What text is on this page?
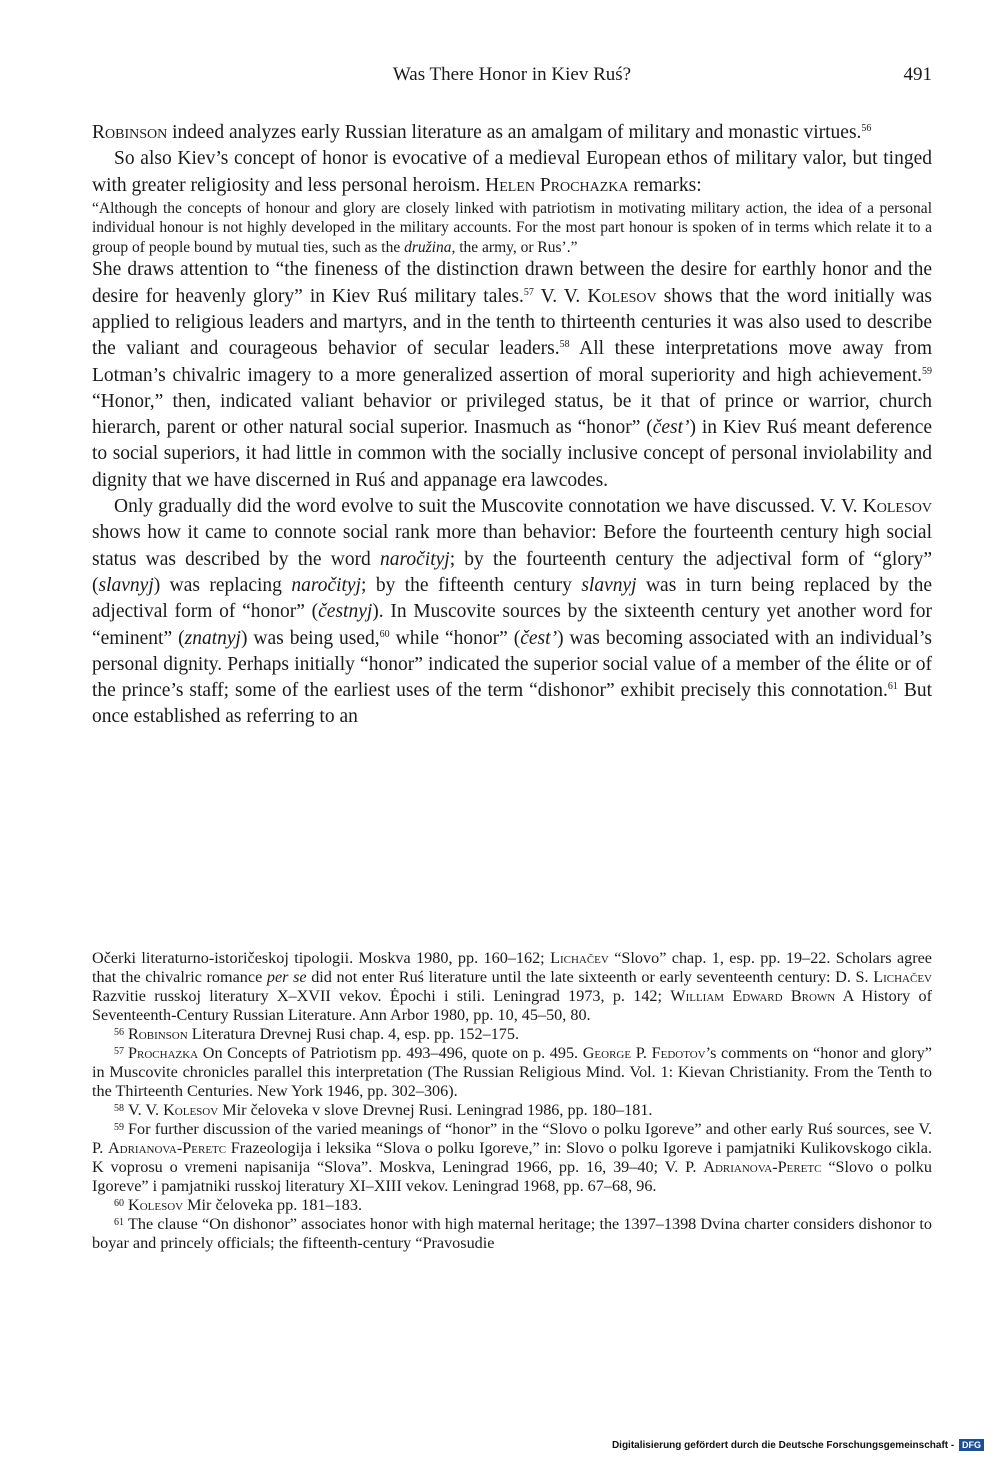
Was There Honor in Kiev Ruś?	491

Robinson indeed analyzes early Russian literature as an amalgam of military and monastic virtues.$^{56}$

So also Kiev’s concept of honor is evocative of a medieval European ethos of military valor, but tinged with greater religiosity and less personal heroism. Helen Prochazka remarks:

“Although the concepts of honour and glory are closely linked with patriotism in motivating military action, the idea of a personal individual honour is not highly developed in the military accounts. For the most part honour is spoken of in terms which relate it to a group of people bound by mutual ties, such as the družina, the army, or Rus’.”

She draws attention to “the fineness of the distinction drawn between the desire for earthly honor and the desire for heavenly glory” in Kiev Ruś military tales.$^{57}$ V. V. Kolesov shows that the word initially was applied to religious leaders and martyrs, and in the tenth to thirteenth centuries it was also used to describe the valiant and courageous behavior of secular leaders.$^{58}$ All these interpretations move away from Lotman’s chivalric imagery to a more generalized assertion of moral superiority and high achievement.$^{59}$ “Honor,” then, indicated valiant behavior or privileged status, be it that of prince or warrior, church hierarch, parent or other natural social superior. Inasmuch as “honor” (čest’) in Kiev Ruś meant deference to social superiors, it had little in common with the socially inclusive concept of personal inviolability and dignity that we have discerned in Ruś and appanage era lawcodes.

Only gradually did the word evolve to suit the Muscovite connotation we have discussed. V. V. Kolesov shows how it came to connote social rank more than behavior: Before the fourteenth century high social status was described by the word naročityj; by the fourteenth century the adjectival form of “glory” (slavnyj) was replacing naročityj; by the fifteenth century slavnyj was in turn being replaced by the adjectival form of “honor” (čestnyj). In Muscovite sources by the sixteenth century yet another word for “eminent” (znatnyj) was being used,$^{60}$ while “honor” (čest’) was becoming associated with an individual’s personal dignity. Perhaps initially “honor” indicated the superior social value of a member of the élite or of the prince’s staff; some of the earliest uses of the term “dishonor” exhibit precisely this connotation.$^{61}$ But once established as referring to an

Očerki literaturno-istoričeskoj tipologii. Moskva 1980, pp. 160–162; Lichačev “Slovo” chap. 1, esp. pp. 19–22. Scholars agree that the chivalric romance per se did not enter Ruś literature until the late sixteenth or early seventeenth century: D. S. Lichačev Razvitie russkoj literatury X–XVII vekov. Ėpochi i stili. Leningrad 1973, p. 142; William Edward Brown A History of Seventeenth-Century Russian Literature. Ann Arbor 1980, pp. 10, 45–50, 80.

$^{56}$ Robinson Literatura Drevnej Rusi chap. 4, esp. pp. 152–175.

$^{57}$ Prochazka On Concepts of Patriotism pp. 493–496, quote on p. 495. George P. Fedotov’s comments on “honor and glory” in Muscovite chronicles parallel this interpretation (The Russian Religious Mind. Vol. 1: Kievan Christianity. From the Tenth to the Thirteenth Centuries. New York 1946, pp. 302–306).

$^{58}$ V. V. Kolesov Mir čeloveka v slove Drevnej Rusi. Leningrad 1986, pp. 180–181.

$^{59}$ For further discussion of the varied meanings of “honor” in the “Slovo o polku Igoreve” and other early Ruś sources, see V. P. Adrianova-Peretc Frazeologija i leksika “Slova o polku Igoreve,” in: Slovo o polku Igoreve i pamjatniki Kulikovskogo cikla. K voprosu o vremeni napisanija “Slova”. Moskva, Leningrad 1966, pp. 16, 39–40; V. P. Adrianova-Peretc “Slovo o polku Igoreve” i pamjatniki russkoj literatury XI–XIII vekov. Leningrad 1968, pp. 67–68, 96.

$^{60}$ Kolesov Mir čeloveka pp. 181–183.

$^{61}$ The clause “On dishonor” associates honor with high maternal heritage; the 1397–1398 Dvina charter considers dishonor to boyar and princely officials; the fifteenth-century “Pravosudie

Digitalisierung gefördert durch die Deutsche Forschungsgemeinschaft - DFG
